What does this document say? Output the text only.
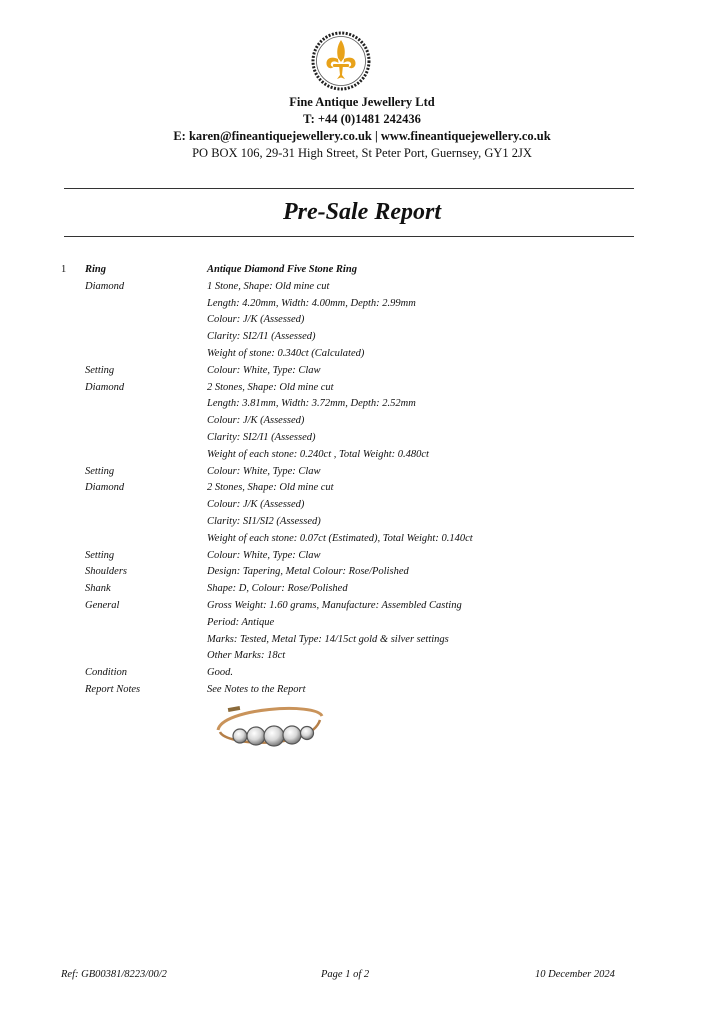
Fine Antique Jewellery Ltd
T: +44 (0)1481 242436
E: karen@fineantiquejewellery.co.uk | www.fineantiquejewellery.co.uk
PO BOX 106, 29-31 High Street, St Peter Port, Guernsey, GY1 2JX
Pre-Sale Report
1 Ring	Antique Diamond Five Stone Ring
Diamond	1 Stone, Shape: Old mine cut
Length: 4.20mm, Width: 4.00mm, Depth: 2.99mm
Colour: J/K (Assessed)
Clarity: SI2/I1 (Assessed)
Weight of stone: 0.340ct (Calculated)
Setting	Colour: White, Type: Claw
Diamond	2 Stones, Shape: Old mine cut
Length: 3.81mm, Width: 3.72mm, Depth: 2.52mm
Colour: J/K (Assessed)
Clarity: SI2/I1 (Assessed)
Weight of each stone: 0.240ct , Total Weight: 0.480ct
Setting	Colour: White, Type: Claw
Diamond	2 Stones, Shape: Old mine cut
Colour: J/K (Assessed)
Clarity: SI1/SI2 (Assessed)
Weight of each stone: 0.07ct (Estimated), Total Weight: 0.140ct
Setting	Colour: White, Type: Claw
Shoulders	Design: Tapering, Metal Colour: Rose/Polished
Shank	Shape: D, Colour: Rose/Polished
General	Gross Weight: 1.60 grams, Manufacture: Assembled Casting
Period: Antique
Marks: Tested, Metal Type: 14/15ct gold & silver settings
Other Marks: 18ct
Condition	Good.
Report Notes	See Notes to the Report
Ref: GB00381/8223/00/2	Page 1 of 2	10 December 2024
